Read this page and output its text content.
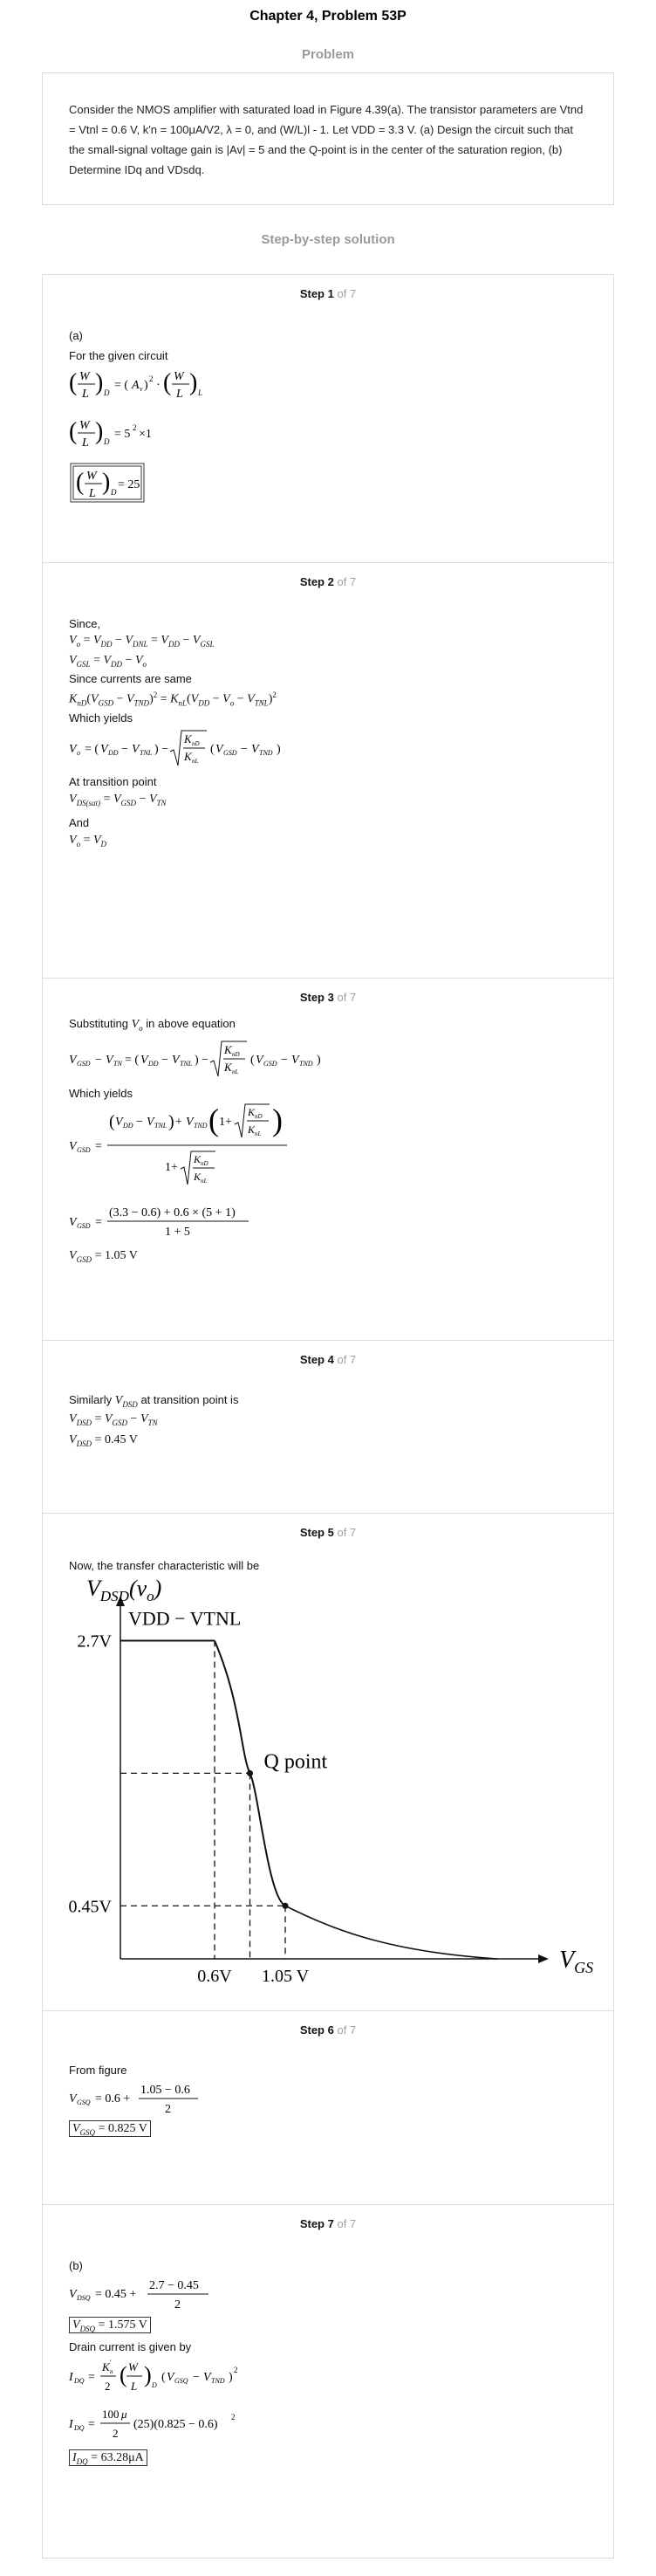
Chapter 4, Problem 53P
Problem
Consider the NMOS amplifier with saturated load in Figure 4.39(a). The transistor parameters are Vtnd = Vtnl = 0.6 V, k′n = 100μA/V2, λ = 0, and (W/L)l - 1. Let VDD = 3.3 V. (a) Design the circuit such that the small-signal voltage gain is |Av| = 5 and the Q-point is in the center of the saturation region, (b) Determine IDq and VDsdq.
Step-by-step solution
Step 1 of 7
(a)
For the given circuit
( W
L ) D
= ( A v ) 2 · ( W
L ) L
( W
L ) D
= 5 2 ×1
( W
L ) D
= 25
Step 2 of 7
Since,
$V_o = V_{DD} - V_{DNL} = V_{DD} - V_{GSL}$
$V_{GSL} = V_{DD} - V_o$
Since currents are same
$K_{nD}(V_{GSD} - V_{TND})^2 = K_{nL}(V_{DD} - V_o - V_{TNL})^2$
Which yields
V o = ( V DD − V TNL ) −
K nD
K nL
( V GSD − V TND )
At transition point
$V_{DS(sat)} = V_{GSD} - V_{TN}$
And
$V_o = V_D$
Step 3 of 7
Substituting $V_o$ in above equation
V GSD − V TN = ( V DD − V TNL ) −
K nD
K nL
( V GSD − V TND )
Which yields
V GSD =
( V DD − V TNL ) + V TND ( 1+
K nD
K nL )
1+
K nD
K nL
V GSD =
(3.3 − 0.6) + 0.6 × (5 + 1)
1 + 5
$V_{GSD} = 1.05$ V
Step 4 of 7
Similarly $V_{DSD}$ at transition point is
$V_{DSD} = V_{GSD} - V_{TN}$
$V_{DSD} = 0.45$ V
Step 5 of 7
Now, the transfer characteristic will be
$V_{DSD}(v_o)$
$V_{GS}$
Q point
VDD − VTNL
2.7V
0.45V
0.6V 1.05 V
Step 6 of 7
From figure
V GSQ = 0.6 +
1.05 − 0.6
2
$V_{GSQ} = 0.825$ V
Step 7 of 7
(b)
V DSQ = 0.45 +
2.7 − 0.45
2
$V_{DSQ} = 1.575$ V
Drain current is given by
I DQ =
K ′
n
2 ( W
L ) D
( V GSQ − V TND )
2
I DQ =
100 μ
2
(25)(0.825 − 0.6)
2
$I_{DQ} = 63.28\mu A$
